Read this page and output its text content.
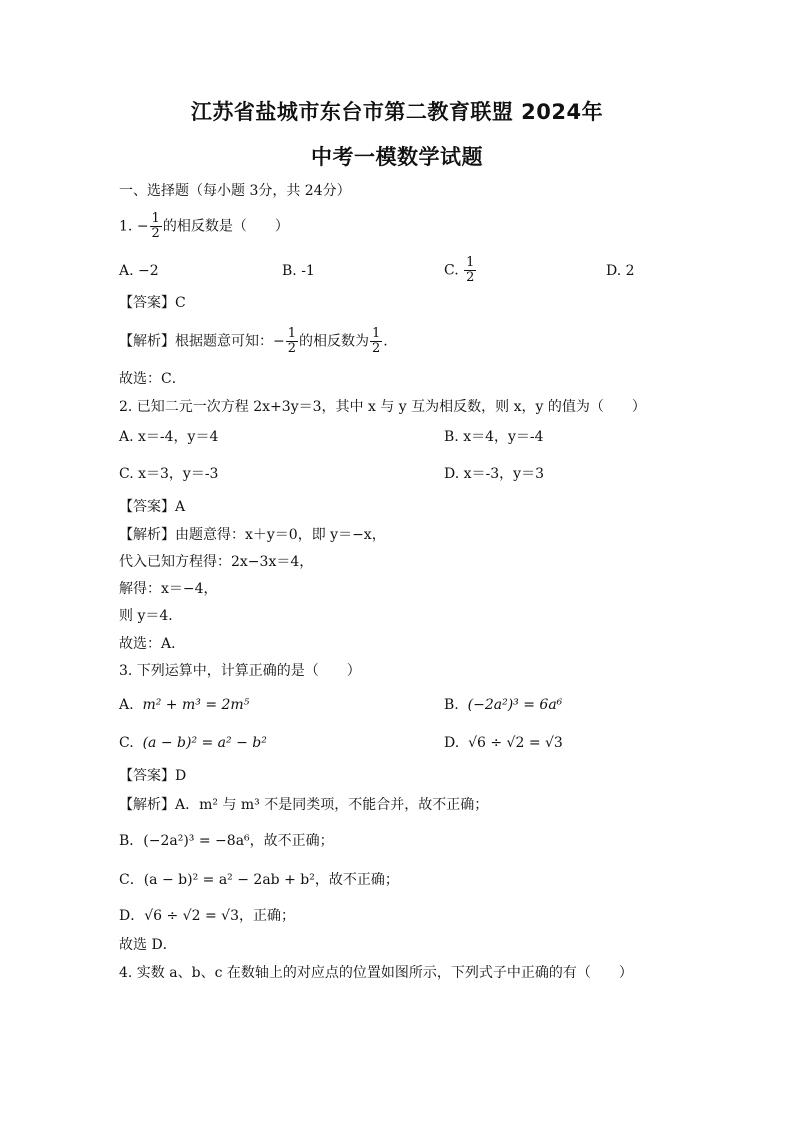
江苏省盐城市东台市第二教育联盟 2024年
中考一模数学试题
一、选择题（每小题 3分，共 24分）
1. − $\frac{1}{2}$ 的相反数是（　　）
A. −2	B. -1	C. $\frac{1}{2}$	D. 2
【答案】C
【解析】根据题意可知：− $\frac{1}{2}$ 的相反数为 $\frac{1}{2}$ .
故选：C．
2. 已知二元一次方程 2x+3y＝3，其中 x 与 y 互为相反数，则 x，y 的值为（　　）
A. x＝-4，y＝4	B. x＝4，y＝-4
C. x＝3，y＝-3	D. x＝-3，y＝3
【答案】A
【解析】由题意得：x＋y＝0，即 y＝−x，
代入已知方程得：2x−3x＝4，
解得：x＝−4，
则 y＝4．
故选：A．
3. 下列运算中，计算正确的是（　　）
A. m² + m³ = 2m⁵	B. (−2a²)³ = 6a⁶
C. (a − b)² = a² − b²	D. √6 ÷ √2 = √3
【答案】D
【解析】A．m² 与 m³ 不是同类项，不能合并，故不正确；
B．(−2a²)³ = −8a⁶，故不正确；
C．(a − b)² = a² − 2ab + b²，故不正确；
D．√6 ÷ √2 = √3，正确；
故选 D．
4. 实数 a、b、c 在数轴上的对应点的位置如图所示，下列式子中正确的有（　　）
